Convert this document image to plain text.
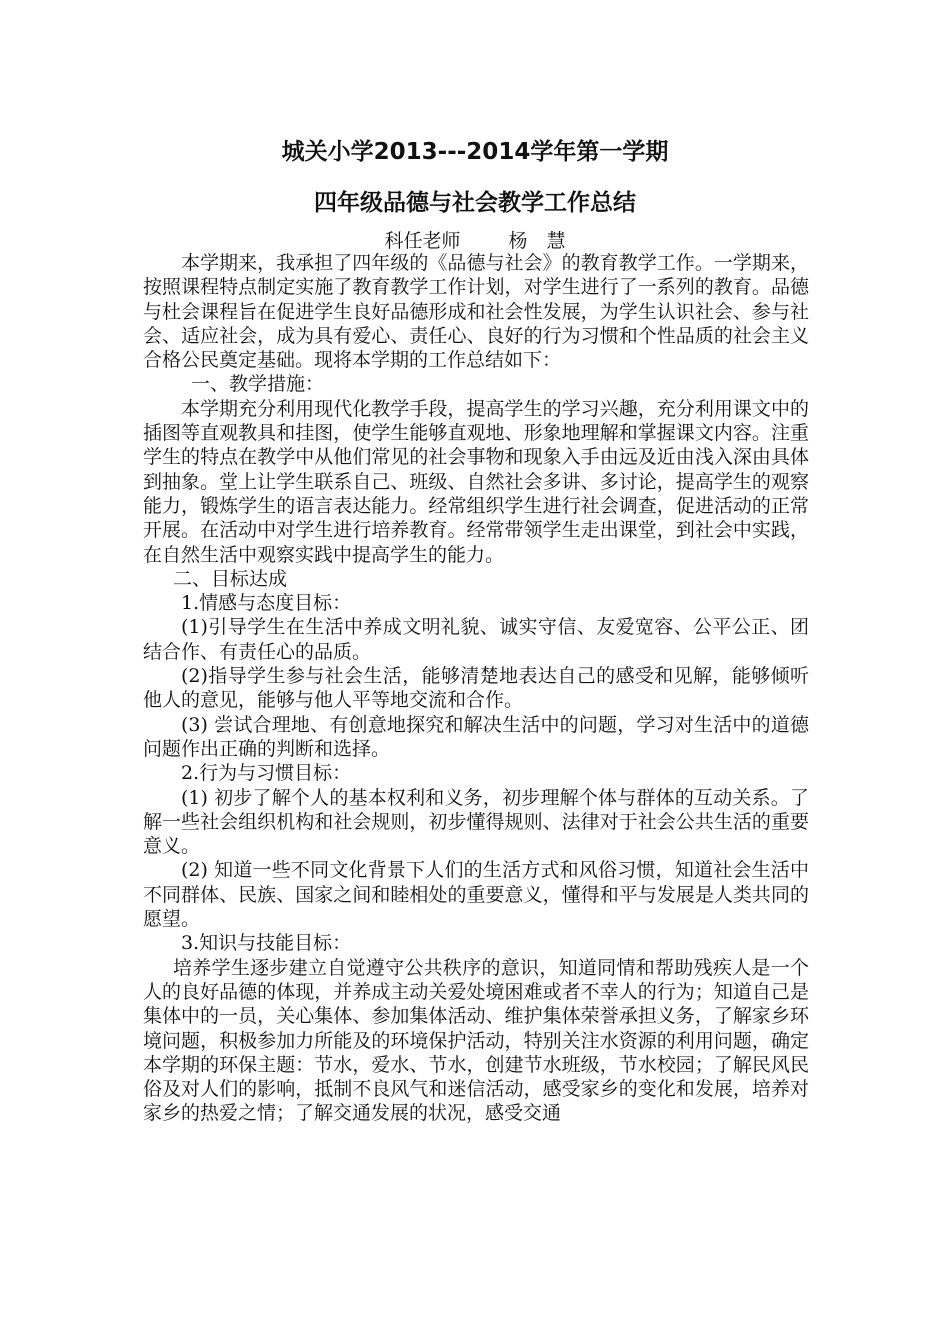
城关小学2013---2014学年第一学期
四年级品德与社会教学工作总结
科任老师	杨　慧

本学期来，我承担了四年级的《品德与社会》的教育教学工作。一学期来，按照课程特点制定实施了教育教学工作计划，对学生进行了一系列的教育。品德与杜会课程旨在促进学生良好品德形成和社会性发展，为学生认识社会、参与社会、适应社会，成为具有爱心、责任心、良好的行为习惯和个性品质的社会主义合格公民奠定基础。现将本学期的工作总结如下：

一、教学措施：

本学期充分利用现代化教学手段，提高学生的学习兴趣，充分利用课文中的插图等直观教具和挂图，使学生能够直观地、形象地理解和掌握课文内容。注重学生的特点在教学中从他们常见的社会事物和现象入手由远及近由浅入深由具体到抽象。堂上让学生联系自己、班级、自然社会多讲、多讨论，提高学生的观察能力，锻炼学生的语言表达能力。经常组织学生进行社会调查，促进活动的正常开展。在活动中对学生进行培养教育。经常带领学生走出课堂，到社会中实践，在自然生活中观察实践中提高学生的能力。

二、目标达成

1.情感与态度目标：

(1)引导学生在生活中养成文明礼貌、诚实守信、友爱宽容、公平公正、团结合作、有责任心的品质。

(2)指导学生参与社会生活，能够清楚地表达自己的感受和见解，能够倾听他人的意见，能够与他人平等地交流和合作。

(3) 尝试合理地、有创意地探究和解决生活中的问题，学习对生活中的道德问题作出正确的判断和选择。

2.行为与习惯目标：

(1) 初步了解个人的基本权利和义务，初步理解个体与群体的互动关系。了解一些社会组织机构和社会规则，初步懂得规则、法律对于社会公共生活的重要意义。

(2) 知道一些不同文化背景下人们的生活方式和风俗习惯，知道社会生活中不同群体、民族、国家之间和睦相处的重要意义，懂得和平与发展是人类共同的愿望。

3.知识与技能目标：

培养学生逐步建立自觉遵守公共秩序的意识，知道同情和帮助残疾人是一个人的良好品德的体现，并养成主动关爱处境困难或者不幸人的行为；知道自己是集体中的一员，关心集体、参加集体活动、维护集体荣誉承担义务，了解家乡环境问题，积极参加力所能及的环境保护活动，特别关注水资源的利用问题，确定本学期的环保主题：节水，爱水、节水，创建节水班级，节水校园；了解民风民俗及对人们的影响，抵制不良风气和迷信活动，感受家乡的变化和发展，培养对家乡的热爱之情；了解交通发展的状况，感受交通
